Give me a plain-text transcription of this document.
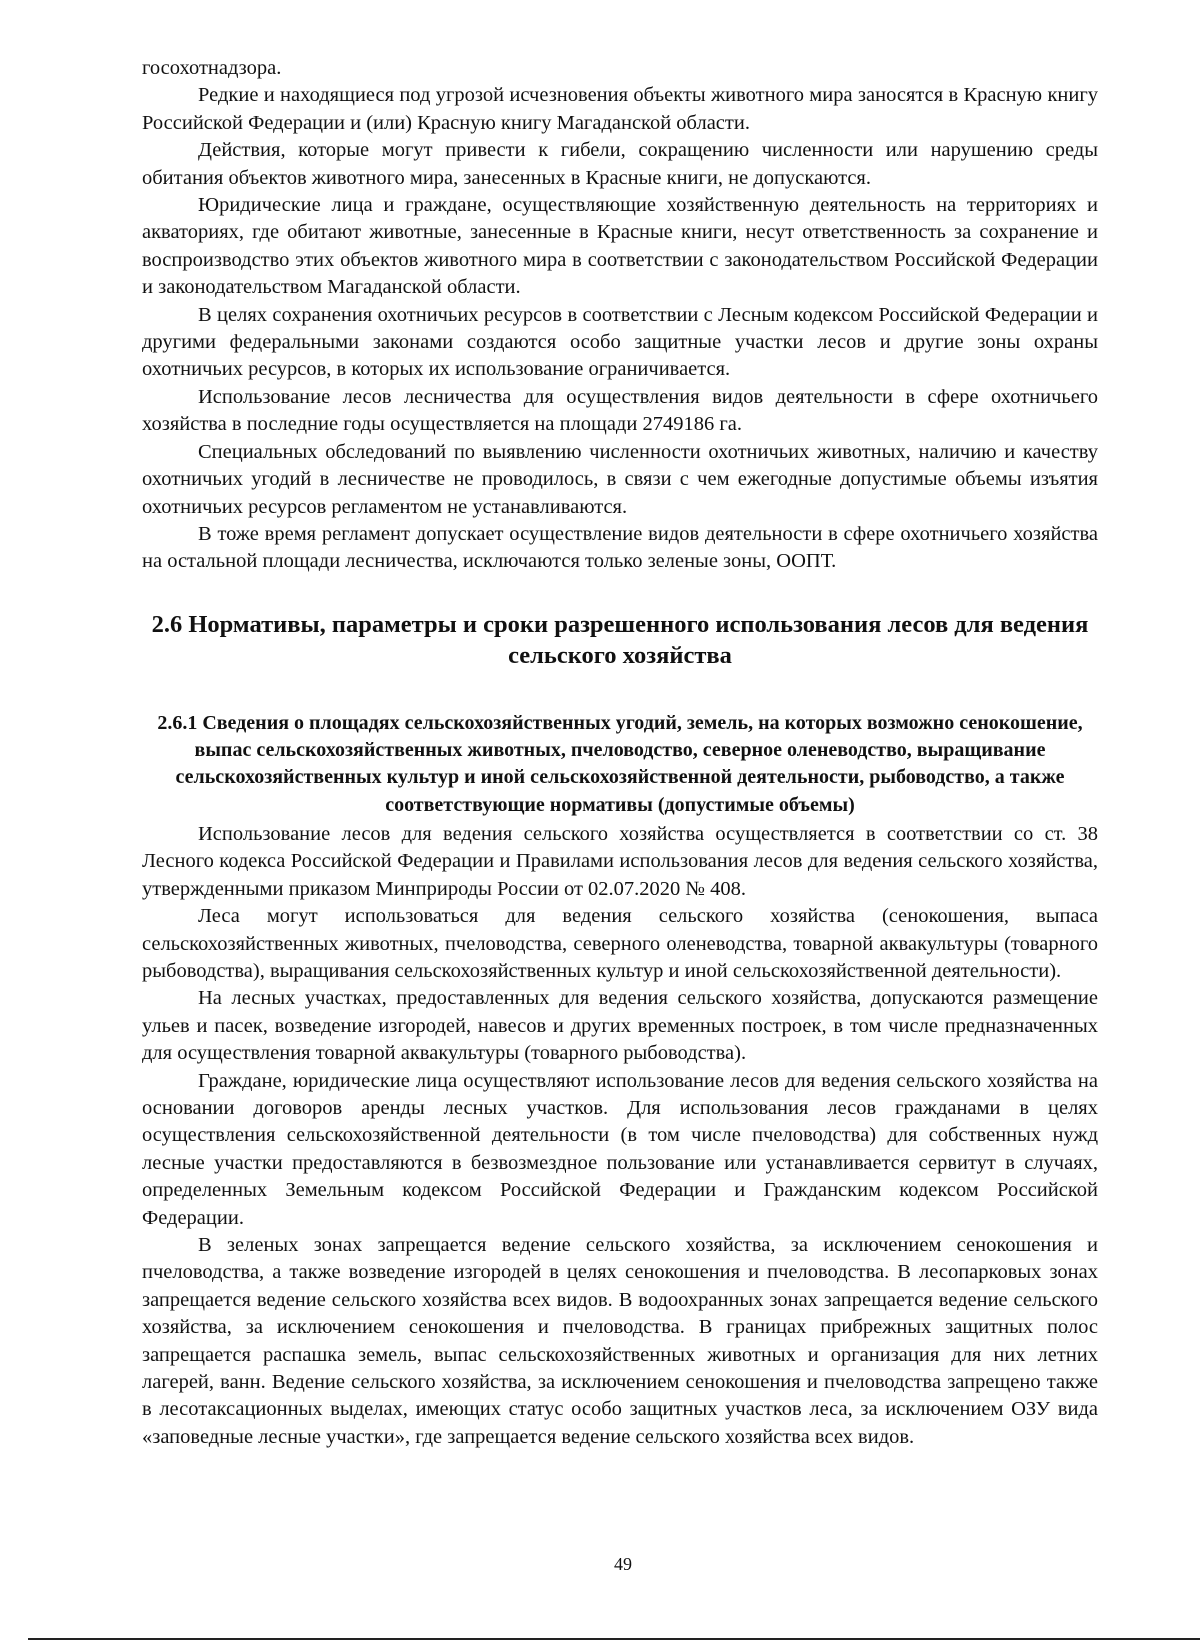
госохотнадзора.

Редкие и находящиеся под угрозой исчезновения объекты животного мира заносятся в Красную книгу Российской Федерации и (или) Красную книгу Магаданской области.

Действия, которые могут привести к гибели, сокращению численности или нарушению среды обитания объектов животного мира, занесенных в Красные книги, не допускаются.

Юридические лица и граждане, осуществляющие хозяйственную деятельность на территориях и акваториях, где обитают животные, занесенные в Красные книги, несут ответственность за сохранение и воспроизводство этих объектов животного мира в соответствии с законодательством Российской Федерации и законодательством Магаданской области.

В целях сохранения охотничьих ресурсов в соответствии с Лесным кодексом Российской Федерации и другими федеральными законами создаются особо защитные участки лесов и другие зоны охраны охотничьих ресурсов, в которых их использование ограничивается.

Использование лесов лесничества для осуществления видов деятельности в сфере охотничьего хозяйства в последние годы осуществляется на площади 2749186 га.

Специальных обследований по выявлению численности охотничьих животных, наличию и качеству охотничьих угодий в лесничестве не проводилось, в связи с чем ежегодные допустимые объемы изъятия охотничьих ресурсов регламентом не устанавливаются.

В тоже время регламент допускает осуществление видов деятельности в сфере охотничьего хозяйства на остальной площади лесничества, исключаются только зеленые зоны, ООПТ.

2.6 Нормативы, параметры и сроки разрешенного использования лесов для ведения сельского хозяйства
2.6.1 Сведения о площадях сельскохозяйственных угодий, земель, на которых возможно сенокошение, выпас сельскохозяйственных животных, пчеловодство, северное оленеводство, выращивание сельскохозяйственных культур и иной сельскохозяйственной деятельности, рыбоводство, а также соответствующие нормативы (допустимые объемы)

Использование лесов для ведения сельского хозяйства осуществляется в соответствии со ст. 38 Лесного кодекса Российской Федерации и Правилами использования лесов для ведения сельского хозяйства, утвержденными приказом Минприроды России от 02.07.2020 № 408.

Леса могут использоваться для ведения сельского хозяйства (сенокошения, выпаса сельскохозяйственных животных, пчеловодства, северного оленеводства, товарной аквакультуры (товарного рыбоводства), выращивания сельскохозяйственных культур и иной сельскохозяйственной деятельности).

На лесных участках, предоставленных для ведения сельского хозяйства, допускаются размещение ульев и пасек, возведение изгородей, навесов и других временных построек, в том числе предназначенных для осуществления товарной аквакультуры (товарного рыбоводства).

Граждане, юридические лица осуществляют использование лесов для ведения сельского хозяйства на основании договоров аренды лесных участков. Для использования лесов гражданами в целях осуществления сельскохозяйственной деятельности (в том числе пчеловодства) для собственных нужд лесные участки предоставляются в безвозмездное пользование или устанавливается сервитут в случаях, определенных Земельным кодексом Российской Федерации и Гражданским кодексом Российской Федерации.

В зеленых зонах запрещается ведение сельского хозяйства, за исключением сенокошения и пчеловодства, а также возведение изгородей в целях сенокошения и пчеловодства. В лесопарковых зонах запрещается ведение сельского хозяйства всех видов. В водоохранных зонах запрещается ведение сельского хозяйства, за исключением сенокошения и пчеловодства. В границах прибрежных защитных полос запрещается распашка земель, выпас сельскохозяйственных животных и организация для них летних лагерей, ванн. Ведение сельского хозяйства, за исключением сенокошения и пчеловодства запрещено также в лесотаксационных выделах, имеющих статус особо защитных участков леса, за исключением ОЗУ вида «заповедные лесные участки», где запрещается ведение сельского хозяйства всех видов.

49
